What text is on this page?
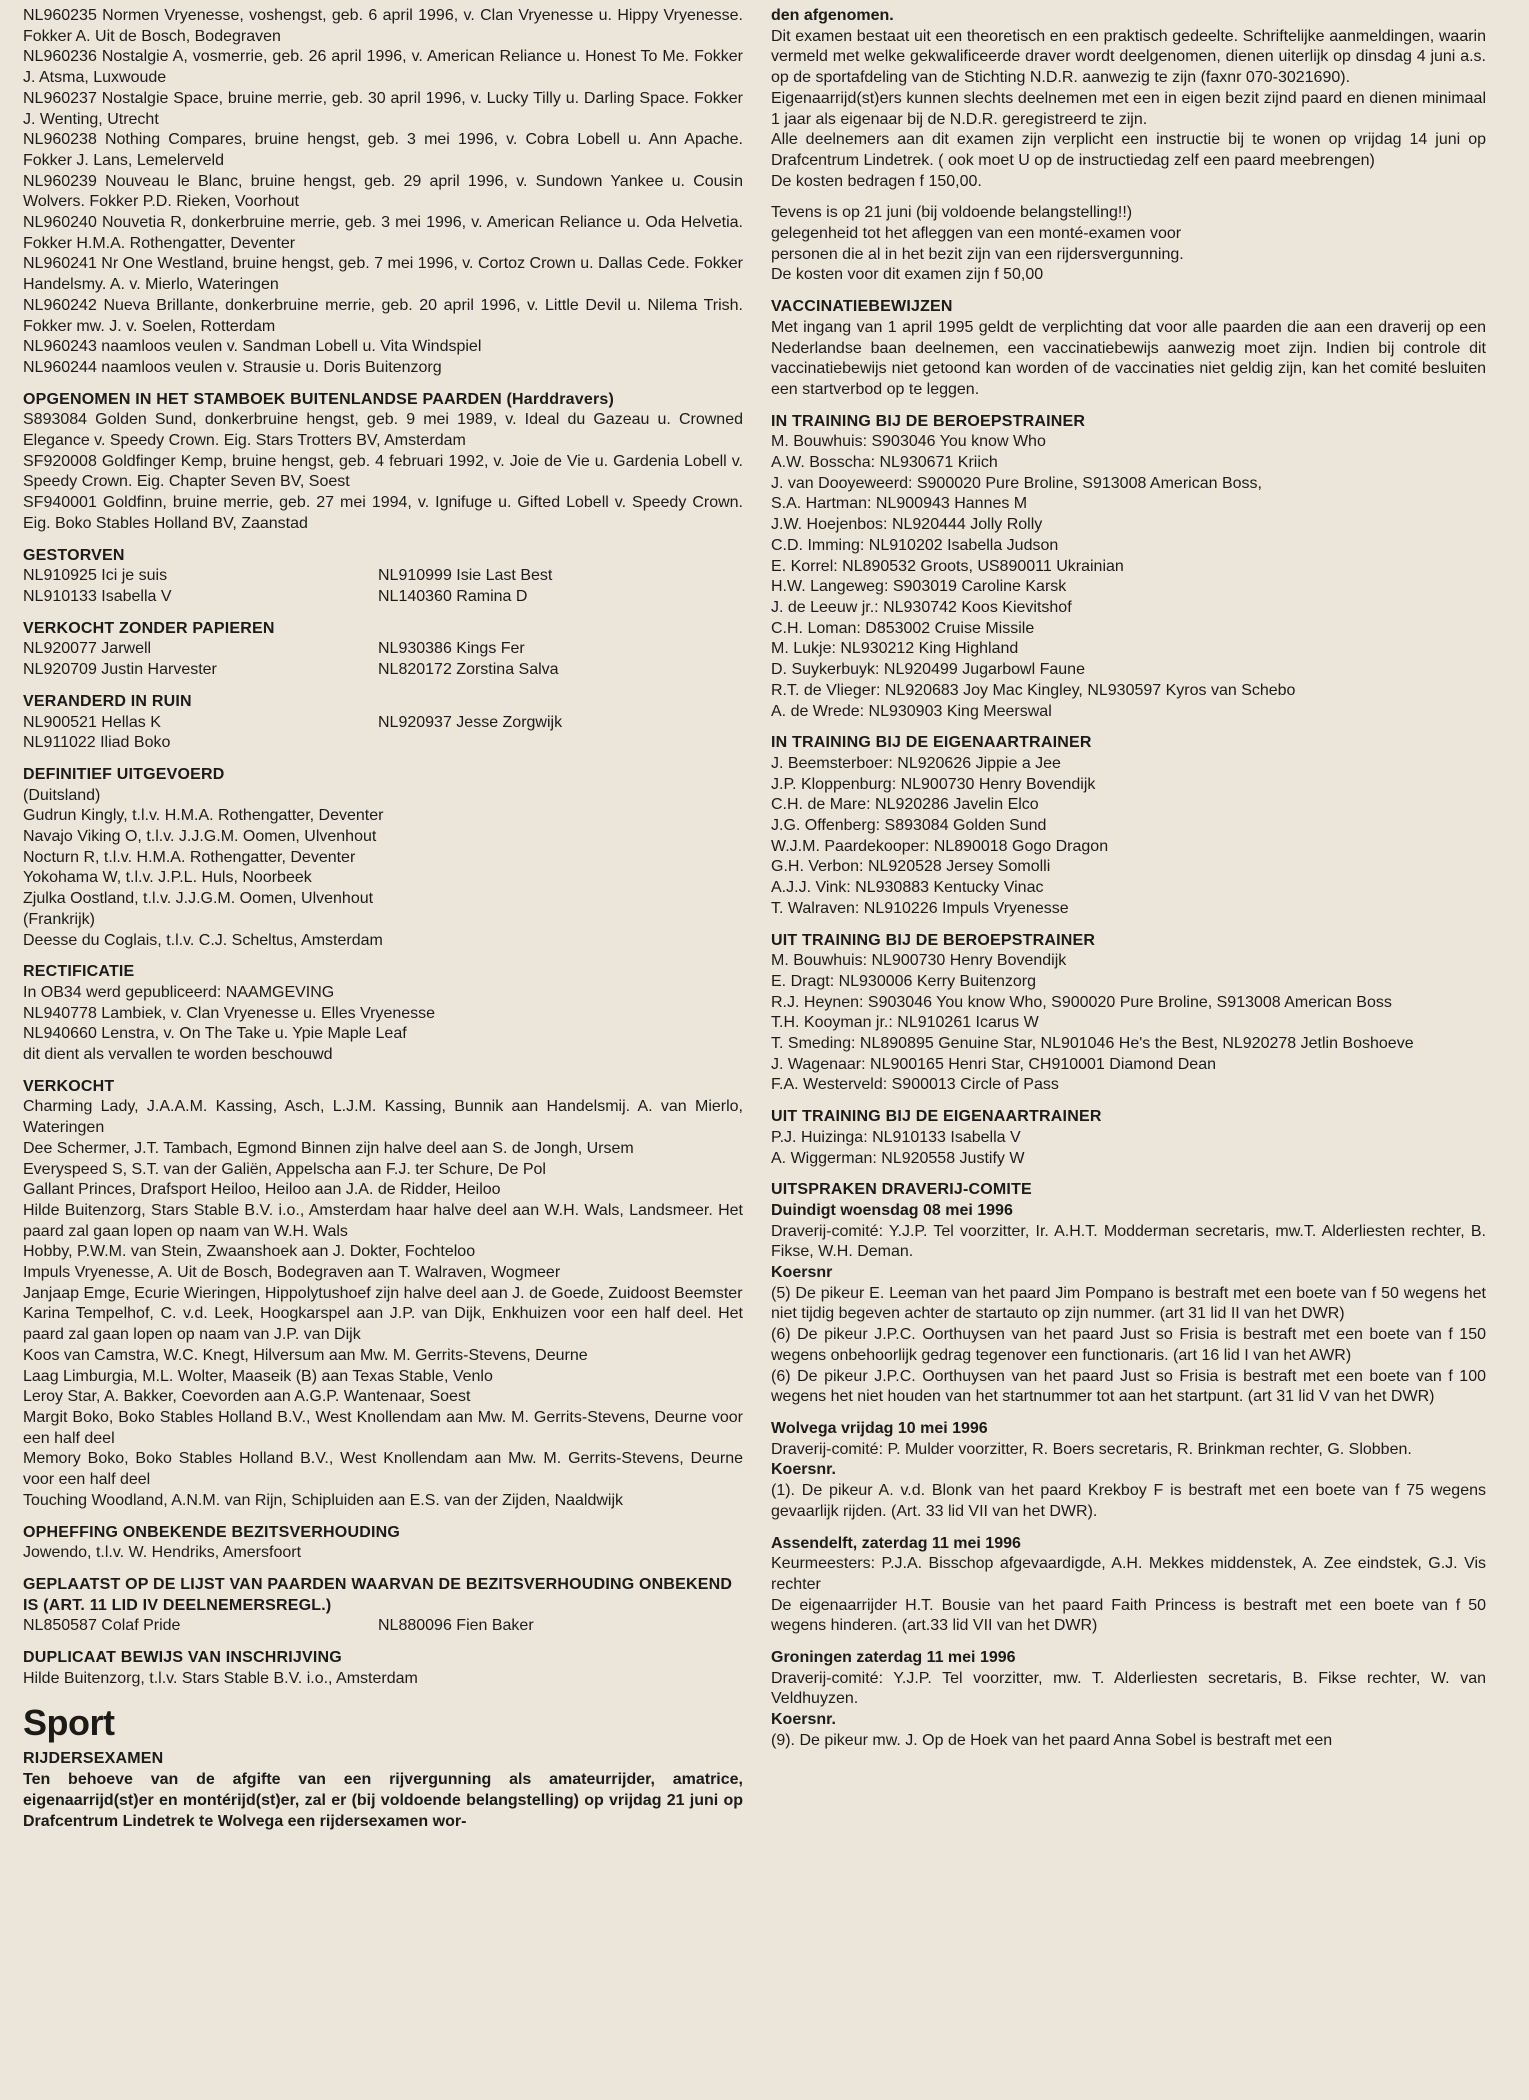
NL960235 Normen Vryenesse, voshengst, geb. 6 april 1996, v. Clan Vryenesse u. Hippy Vryenesse. Fokker A. Uit de Bosch, Bodegraven

NL960236 Nostalgie A, vosmerrie, geb. 26 april 1996, v. American Reliance u. Honest To Me. Fokker J. Atsma, Luxwoude

NL960237 Nostalgie Space, bruine merrie, geb. 30 april 1996, v. Lucky Tilly u. Darling Space. Fokker J. Wenting, Utrecht

NL960238 Nothing Compares, bruine hengst, geb. 3 mei 1996, v. Cobra Lobell u. Ann Apache. Fokker J. Lans, Lemelerveld

NL960239 Nouveau le Blanc, bruine hengst, geb. 29 april 1996, v. Sundown Yankee u. Cousin Wolvers. Fokker P.D. Rieken, Voorhout

NL960240 Nouvetia R, donkerbruine merrie, geb. 3 mei 1996, v. American Reliance u. Oda Helvetia. Fokker H.M.A. Rothengatter, Deventer

NL960241 Nr One Westland, bruine hengst, geb. 7 mei 1996, v. Cortoz Crown u. Dallas Cede. Fokker Handelsmy. A. v. Mierlo, Wateringen

NL960242 Nueva Brillante, donkerbruine merrie, geb. 20 april 1996, v. Little Devil u. Nilema Trish. Fokker mw. J. v. Soelen, Rotterdam

NL960243 naamloos veulen v. Sandman Lobell u. Vita Windspiel

NL960244 naamloos veulen v. Strausie u. Doris Buitenzorg

OPGENOMEN IN HET STAMBOEK BUITENLANDSE PAARDEN (Harddravers)

S893084 Golden Sund, donkerbruine hengst, geb. 9 mei 1989, v. Ideal du Gazeau u. Crowned Elegance v. Speedy Crown. Eig. Stars Trotters BV, Amsterdam

SF920008 Goldfinger Kemp, bruine hengst, geb. 4 februari 1992, v. Joie de Vie u. Gardenia Lobell v. Speedy Crown. Eig. Chapter Seven BV, Soest

SF940001 Goldfinn, bruine merrie, geb. 27 mei 1994, v. Ignifuge u. Gifted Lobell v. Speedy Crown. Eig. Boko Stables Holland BV, Zaanstad

GESTORVEN

NL910925 Ici je suis	NL910999 Isie Last Best

NL910133 Isabella V	NL140360 Ramina D

VERKOCHT ZONDER PAPIEREN

NL920077 Jarwell	NL930386 Kings Fer

NL920709 Justin Harvester	NL820172 Zorstina Salva

VERANDERD IN RUIN

NL900521 Hellas K	NL920937 Jesse Zorgwijk

NL911022 Iliad Boko

DEFINITIEF UITGEVOERD

(Duitsland)

Gudrun Kingly, t.l.v. H.M.A. Rothengatter, Deventer

Navajo Viking O, t.l.v. J.J.G.M. Oomen, Ulvenhout

Nocturn R, t.l.v. H.M.A. Rothengatter, Deventer

Yokohama W, t.l.v. J.P.L. Huls, Noorbeek

Zjulka Oostland, t.l.v. J.J.G.M. Oomen, Ulvenhout

(Frankrijk)

Deesse du Coglais, t.l.v. C.J. Scheltus, Amsterdam

RECTIFICATIE

In OB34 werd gepubliceerd: NAAMGEVING

NL940778 Lambiek, v. Clan Vryenesse u. Elles Vryenesse

NL940660 Lenstra, v. On The Take u. Ypie Maple Leaf

dit dient als vervallen te worden beschouwd

VERKOCHT

Charming Lady, J.A.A.M. Kassing, Asch, L.J.M. Kassing, Bunnik aan Handelsmij. A. van Mierlo, Wateringen

Dee Schermer, J.T. Tambach, Egmond Binnen zijn halve deel aan S. de Jongh, Ursem

Everyspeed S, S.T. van der Galiën, Appelscha aan F.J. ter Schure, De Pol

Gallant Princes, Drafsport Heiloo, Heiloo aan J.A. de Ridder, Heiloo

Hilde Buitenzorg, Stars Stable B.V. i.o., Amsterdam haar halve deel aan W.H. Wals, Landsmeer. Het paard zal gaan lopen op naam van W.H. Wals

Hobby, P.W.M. van Stein, Zwaanshoek aan J. Dokter, Fochteloo

Impuls Vryenesse, A. Uit de Bosch, Bodegraven aan T. Walraven, Wogmeer

Janjaap Emge, Ecurie Wieringen, Hippolytushoef zijn halve deel aan J. de Goede, Zuidoost Beemster

Karina Tempelhof, C. v.d. Leek, Hoogkarspel aan J.P. van Dijk, Enkhuizen voor een half deel. Het paard zal gaan lopen op naam van J.P. van Dijk

Koos van Camstra, W.C. Knegt, Hilversum aan Mw. M. Gerrits-Stevens, Deurne

Laag Limburgia, M.L. Wolter, Maaseik (B) aan Texas Stable, Venlo

Leroy Star, A. Bakker, Coevorden aan A.G.P. Wantenaar, Soest

Margit Boko, Boko Stables Holland B.V., West Knollendam aan Mw. M. Gerrits-Stevens, Deurne voor een half deel

Memory Boko, Boko Stables Holland B.V., West Knollendam aan Mw. M. Gerrits-Stevens, Deurne voor een half deel

Touching Woodland, A.N.M. van Rijn, Schipluiden aan E.S. van der Zijden, Naaldwijk

OPHEFFING ONBEKENDE BEZITSVERHOUDING

Jowendo, t.l.v. W. Hendriks, Amersfoort

GEPLAATST OP DE LIJST VAN PAARDEN WAARVAN DE BEZITSVERHOUDING ONBEKEND IS (ART. 11 LID IV DEELNEMERSREGL.)

NL850587 Colaf Pride	NL880096 Fien Baker

DUPLICAAT BEWIJS VAN INSCHRIJVING

Hilde Buitenzorg, t.l.v. Stars Stable B.V. i.o., Amsterdam

Sport

RIJDERSEXAMEN

Ten behoeve van de afgifte van een rijvergunning als amateurrijder, amatrice, eigenaarrijd(st)er en montérijd(st)er, zal er (bij voldoende belangstelling) op vrijdag 21 juni op Drafcentrum Lindetrek te Wolvega een rijdersexamen wor-

den afgenomen.

Dit examen bestaat uit een theoretisch en een praktisch gedeelte. Schriftelijke aanmeldingen, waarin vermeld met welke gekwalificeerde draver wordt deelgenomen, dienen uiterlijk op dinsdag 4 juni a.s. op de sportafdeling van de Stichting N.D.R. aanwezig te zijn (faxnr 070-3021690).

Eigenaarrijd(st)ers kunnen slechts deelnemen met een in eigen bezit zijnd paard en dienen minimaal 1 jaar als eigenaar bij de N.D.R. geregistreerd te zijn.

Alle deelnemers aan dit examen zijn verplicht een instructie bij te wonen op vrijdag 14 juni op Drafcentrum Lindetrek. ( ook moet U op de instructiedag zelf een paard meebrengen)

De kosten bedragen f 150,00.

Tevens is op 21 juni (bij voldoende belangstelling!!)

gelegenheid tot het afleggen van een monté-examen voor

personen die al in het bezit zijn van een rijdersvergunning.

De kosten voor dit examen zijn f 50,00

VACCINATIEBEWIJZEN

Met ingang van 1 april 1995 geldt de verplichting dat voor alle paarden die aan een draverij op een Nederlandse baan deelnemen, een vaccinatiebewijs aanwezig moet zijn. Indien bij controle dit vaccinatiebewijs niet getoond kan worden of de vaccinaties niet geldig zijn, kan het comité besluiten een startverbod op te leggen.

IN TRAINING BIJ DE BEROEPSTRAINER

M. Bouwhuis: S903046 You know Who

A.W. Bosscha: NL930671 Kriich

J. van Dooyeweerd: S900020 Pure Broline, S913008 American Boss,

S.A. Hartman: NL900943 Hannes M

J.W. Hoejenbos: NL920444 Jolly Rolly

C.D. Imming: NL910202 Isabella Judson

E. Korrel: NL890532 Groots, US890011 Ukrainian

H.W. Langeweg: S903019 Caroline Karsk

J. de Leeuw jr.: NL930742 Koos Kievitshof

C.H. Loman: D853002 Cruise Missile

M. Lukje: NL930212 King Highland

D. Suykerbuyk: NL920499 Jugarbowl Faune

R.T. de Vlieger: NL920683 Joy Mac Kingley, NL930597 Kyros van Schebo

A. de Wrede: NL930903 King Meerswal

IN TRAINING BIJ DE EIGENAARTRAINER

J. Beemsterboer: NL920626 Jippie a Jee

J.P. Kloppenburg: NL900730 Henry Bovendijk

C.H. de Mare: NL920286 Javelin Elco

J.G. Offenberg: S893084 Golden Sund

W.J.M. Paardekooper: NL890018 Gogo Dragon

G.H. Verbon: NL920528 Jersey Somolli

A.J.J. Vink: NL930883 Kentucky Vinac

T. Walraven: NL910226 Impuls Vryenesse

UIT TRAINING BIJ DE BEROEPSTRAINER

M. Bouwhuis: NL900730 Henry Bovendijk

E. Dragt: NL930006 Kerry Buitenzorg

R.J. Heynen: S903046 You know Who, S900020 Pure Broline, S913008 American Boss

T.H. Kooyman jr.: NL910261 Icarus W

T. Smeding: NL890895 Genuine Star, NL901046 He's the Best, NL920278 Jetlin Boshoeve

J. Wagenaar: NL900165 Henri Star, CH910001 Diamond Dean

F.A. Westerveld: S900013 Circle of Pass

UIT TRAINING BIJ DE EIGENAARTRAINER

P.J. Huizinga: NL910133 Isabella V

A. Wiggerman: NL920558 Justify W

UITSPRAKEN DRAVERIJ-COMITE

Duindigt woensdag 08 mei 1996

Draverij-comité: Y.J.P. Tel voorzitter, Ir. A.H.T. Modderman secretaris, mw.T. Alderliesten rechter, B. Fikse, W.H. Deman.

Koersnr

(5) De pikeur E. Leeman van het paard Jim Pompano is bestraft met een boete van f 50 wegens het niet tijdig begeven achter de startauto op zijn nummer. (art 31 lid II van het DWR)

(6) De pikeur J.P.C. Oorthuysen van het paard Just so Frisia is bestraft met een boete van f 150 wegens onbehoorlijk gedrag tegenover een functionaris. (art 16 lid I van het AWR)

(6) De pikeur J.P.C. Oorthuysen van het paard Just so Frisia is bestraft met een boete van f 100 wegens het niet houden van het startnummer tot aan het startpunt. (art 31 lid V van het DWR)

Wolvega vrijdag 10 mei 1996

Draverij-comité: P. Mulder voorzitter, R. Boers secretaris, R. Brinkman rechter, G. Slobben.

Koersnr.

(1). De pikeur A. v.d. Blonk van het paard Krekboy F is bestraft met een boete van f 75 wegens gevaarlijk rijden. (Art. 33 lid VII van het DWR).

Assendelft, zaterdag 11 mei 1996

Keurmeesters: P.J.A. Bisschop afgevaardigde, A.H. Mekkes middenstek, A. Zee eindstek, G.J. Vis rechter

De eigenaarrijder H.T. Bousie van het paard Faith Princess is bestraft met een boete van f 50 wegens hinderen. (art.33 lid VII van het DWR)

Groningen zaterdag 11 mei 1996

Draverij-comité: Y.J.P. Tel voorzitter, mw. T. Alderliesten secretaris, B. Fikse rechter, W. van Veldhuyzen.

Koersnr.

(9). De pikeur mw. J. Op de Hoek van het paard Anna Sobel is bestraft met een
